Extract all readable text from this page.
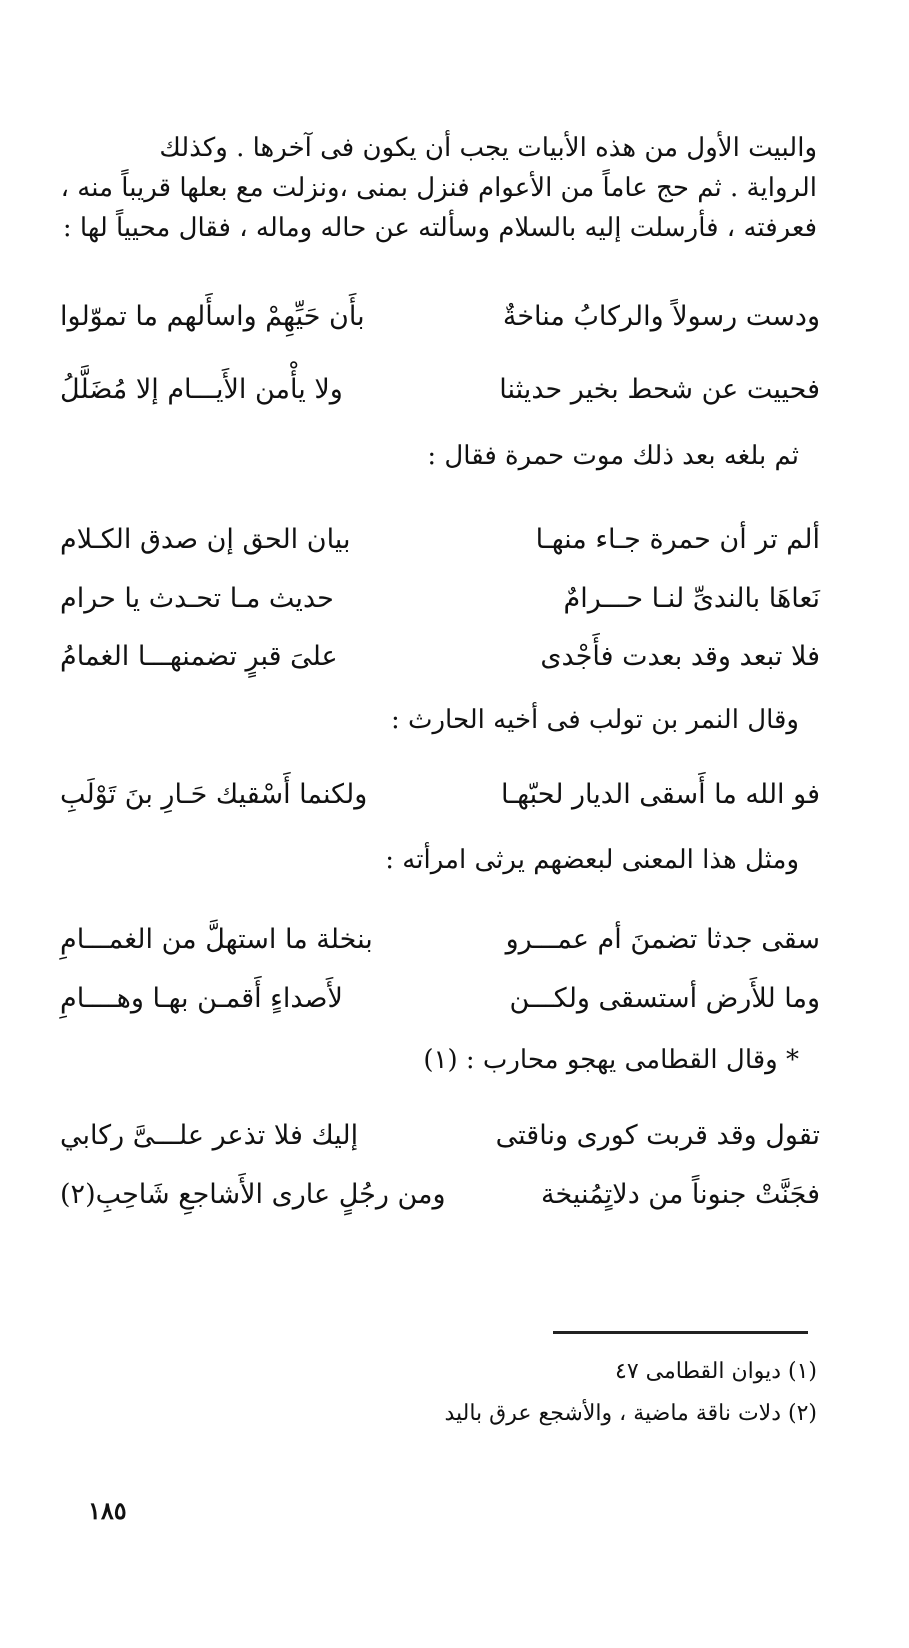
والبيت الأول من هذه الأبيات يجب أن يكون فى آخرها . وكذلك
الرواية . ثم حج عاماً من الأعوام فنزل بمنى ،ونزلت مع بعلها قريباً منه ،
فعرفته ، فأرسلت إليه بالسلام وسألته عن حاله وماله ، فقال محيياً لها :
ودست رسولاً والركابُ مناخةٌ
بأَن حَيِّهِمْ واسأَلهم ما تموّلوا
فحييت عن شحط بخير حديثنا
ولا يأْمن الأَيـــام إلا مُضَلَّلُ
ثم بلغه بعد ذلك موت حمرة فقال :
ألم تر أن حمرة جـاء منهـا
بيان الحق إن صدق الكـلام
نَعاهَا بالندىِّ لنـا حـــرامٌ
حديث مـا تحـدث يا حرام
فلا تبعد وقد بعدت فأَجْدى
علىَ قبرٍ تضمنهـــا الغمامُ
وقال النمر بن تولب فى أخيه الحارث :
فو الله ما أَسقى الديار لحبّهـا
ولكنما أَسْقيك حَـارِ بنَ تَوْلَبِ
ومثل هذا المعنى لبعضهم يرثى امرأته :
سقى جدثا تضمنَ أم عمـــرو
بنخلة ما استهلَّ من الغمـــامِ
وما للأَرض أستسقى ولكـــن
لأَصداءٍ أَقمـن بهـا وهــــامِ
* وقال القطامى يهجو محارب : (١)
تقول وقد قربت كورى وناقتى
إليك فلا تذعر علـــىَّ ركابي
فجَنَّتْ جنوناً من دلاتٍمُنيخة
ومن رجُلٍ عارى الأَشاجعِ شَاحِبِ(٢)
(١) ديوان القطامى ٤٧
(٢) دلات ناقة ماضية ، والأشجع عرق باليد
١٨٥
